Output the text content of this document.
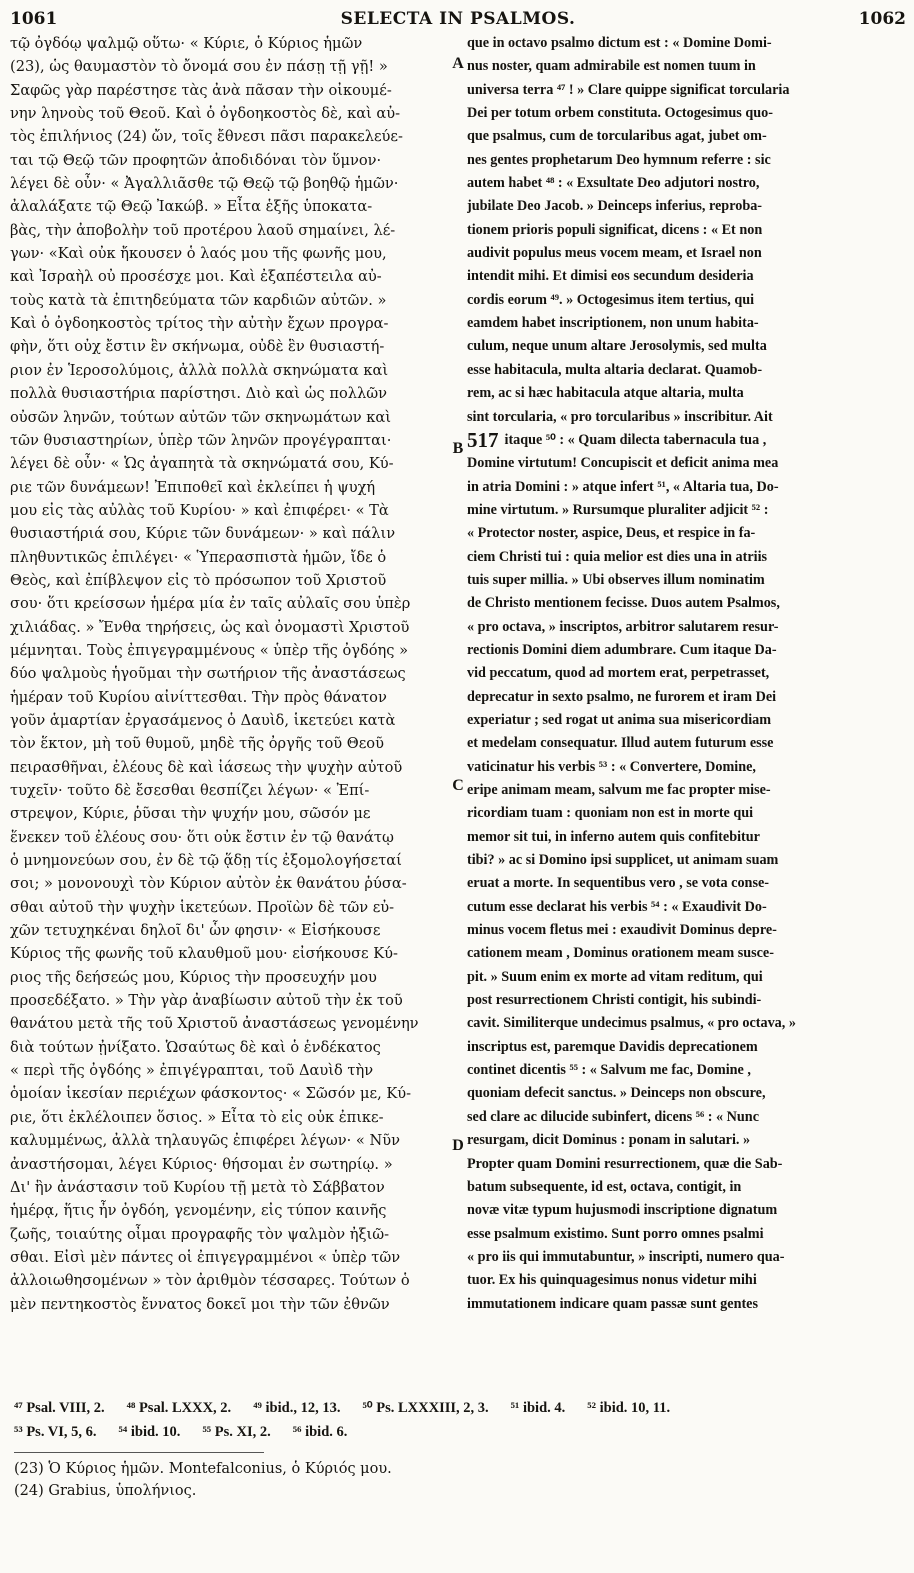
1061	SELECTA IN PSALMOS.	1062
τῷ ὀγδόῳ ψαλμῷ οὕτω· « Κύριε, ὁ Κύριος ἡμῶν
(23), ὡς θαυμαστὸν τὸ ὄνομά σου ἐν πάσῃ τῇ γῇ! »
Σαφῶς γὰρ παρέστησε τὰς ἀνὰ πᾶσαν τὴν οἰκουμέ-
νην ληνοὺς τοῦ Θεοῦ. Καὶ ὁ ὀγδοηκοστὸς δὲ, καὶ αὐ-
τὸς ἐπιλήνιος (24) ὤν, τοῖς ἔθνεσι πᾶσι παρακελεύε-
ται τῷ Θεῷ τῶν προφητῶν ἀποδιδόναι τὸν ὕμνον·
λέγει δὲ οὖν· « Ἀγαλλιᾶσθε τῷ Θεῷ τῷ βοηθῷ ἡμῶν·
ἀλαλάξατε τῷ Θεῷ Ἰακώβ. » Εἶτα ἑξῆς ὑποκατα-
βὰς, τὴν ἀποβολὴν τοῦ προτέρου λαοῦ σημαίνει, λέ-
γων· «Καὶ οὐκ ἤκουσεν ὁ λαός μου τῆς φωνῆς μου,
καὶ Ἰσραὴλ οὐ προσέσχε μοι. Καὶ ἐξαπέστειλα αὐ-
τοὺς κατὰ τὰ ἐπιτηδεύματα τῶν καρδιῶν αὐτῶν. »
Καὶ ὁ ὀγδοηκοστὸς τρίτος τὴν αὐτὴν ἔχων προγρα-
φὴν, ὅτι οὐχ ἔστιν ἓν σκήνωμα, οὐδὲ ἓν θυσιαστή-
ριον ἐν Ἱεροσολύμοις, ἀλλὰ πολλὰ σκηνώματα καὶ
πολλὰ θυσιαστήρια παρίστησι. Διὸ καὶ ὡς πολλῶν
οὐσῶν ληνῶν, τούτων αὐτῶν τῶν σκηνωμάτων καὶ
τῶν θυσιαστηρίων, ὑπὲρ τῶν ληνῶν προγέγραπται·
λέγει δὲ οὖν· « Ὡς ἀγαπητὰ τὰ σκηνώματά σου, Κύ-
ριε τῶν δυνάμεων! Ἐπιποθεῖ καὶ ἐκλείπει ἡ ψυχή
μου εἰς τὰς αὐλὰς τοῦ Κυρίου· » καὶ ἐπιφέρει· « Τὰ
θυσιαστήριά σου, Κύριε τῶν δυνάμεων· » καὶ πάλιν
πληθυντικῶς ἐπιλέγει· « Ὑπερασπιστὰ ἡμῶν, ἴδε ὁ
Θεὸς, καὶ ἐπίβλεψον εἰς τὸ πρόσωπον τοῦ Χριστοῦ
σου· ὅτι κρείσσων ἡμέρα μία ἐν ταῖς αὐλαῖς σου ὑπὲρ
χιλιάδας. » Ἔνθα τηρήσεις, ὡς καὶ ὀνομαστὶ Χριστοῦ
μέμνηται. Τοὺς ἐπιγεγραμμένους « ὑπὲρ τῆς ὀγδόης »
δύο ψαλμοὺς ἡγοῦμαι τὴν σωτήριον τῆς ἀναστάσεως
ἡμέραν τοῦ Κυρίου αἰνίττεσθαι. Τὴν πρὸς θάνατον
γοῦν ἁμαρτίαν ἐργασάμενος ὁ Δαυὶδ, ἱκετεύει κατὰ
τὸν ἕκτον, μὴ τοῦ θυμοῦ, μηδὲ τῆς ὀργῆς τοῦ Θεοῦ
πειρασθῆναι, ἐλέους δὲ καὶ ἰάσεως τὴν ψυχὴν αὐτοῦ
τυχεῖν· τοῦτο δὲ ἔσεσθαι θεσπίζει λέγων· « Ἐπί-
στρεψον, Κύριε, ῥῦσαι τὴν ψυχήν μου, σῶσόν με
ἕνεκεν τοῦ ἐλέους σου· ὅτι οὐκ ἔστιν ἐν τῷ θανάτῳ
ὁ μνημονεύων σου, ἐν δὲ τῷ ᾅδῃ τίς ἐξομολογήσεταί
σοι; » μονονουχὶ τὸν Κύριον αὐτὸν ἐκ θανάτου ῥύσα-
σθαι αὐτοῦ τὴν ψυχὴν ἱκετεύων. Προϊὼν δὲ τῶν εὐ-
χῶν τετυχηκέναι δηλοῖ δι' ὧν φησιν· « Εἰσήκουσε
Κύριος τῆς φωνῆς τοῦ κλαυθμοῦ μου· εἰσήκουσε Κύ-
ριος τῆς δεήσεώς μου, Κύριος τὴν προσευχήν μου
προσεδέξατο. » Τὴν γὰρ ἀναβίωσιν αὐτοῦ τὴν ἐκ τοῦ
θανάτου μετὰ τῆς τοῦ Χριστοῦ ἀναστάσεως γενομένην
διὰ τούτων ᾐνίξατο. Ὡσαύτως δὲ καὶ ὁ ἑνδέκατος
« περὶ τῆς ὀγδόης » ἐπιγέγραπται, τοῦ Δαυὶδ τὴν
ὁμοίαν ἱκεσίαν περιέχων φάσκοντος· « Σῶσόν με, Κύ-
ριε, ὅτι ἐκλέλοιπεν ὅσιος. » Εἶτα τὸ εἰς οὐκ ἐπικε-
καλυμμένως, ἀλλὰ τηλαυγῶς ἐπιφέρει λέγων· « Νῦν
ἀναστήσομαι, λέγει Κύριος· θήσομαι ἐν σωτηρίῳ. »
Δι' ἣν ἀνάστασιν τοῦ Κυρίου τῇ μετὰ τὸ Σάββατον
ἡμέρᾳ, ἥτις ἦν ὀγδόη, γενομένην, εἰς τύπον καινῆς
ζωῆς, τοιαύτης οἶμαι προγραφῆς τὸν ψαλμὸν ἠξιῶ-
σθαι. Εἰσὶ μὲν πάντες οἱ ἐπιγεγραμμένοι « ὑπὲρ τῶν
ἀλλοιωθησομένων » τὸν ἀριθμὸν τέσσαρες. Τούτων ὁ
μὲν πεντηκοστὸς ἔννατος δοκεῖ μοι τὴν τῶν ἐθνῶν
que in octavo psalmo dictum est : « Domine Domi-
nus noster, quam admirabile est nomen tuum in
universa terra ⁴⁷ ! » Clare quippe significat torcularia
Dei per totum orbem constituta. Octogesimus quo-
que psalmus, cum de torcularibus agat, jubet om-
nes gentes prophetarum Deo hymnum referre : sic
autem habet ⁴⁸ : « Exsultate Deo adjutori nostro,
jubilate Deo Jacob. » Deinceps inferius, reproba-
tionem prioris populi significat, dicens : « Et non
audivit populus meus vocem meam, et Israel non
intendit mihi. Et dimisi eos secundum desideria
cordis eorum ⁴⁹. » Octogesimus item tertius, qui
eamdem habet inscriptionem, non unum habita-
culum, neque unum altare Jerosolymis, sed multa
esse habitacula, multa altaria declarat. Quamob-
rem, ac si hæc habitacula atque altaria, multa
sint torcularia, « pro torcularibus » inscribitur. Ait
517 itaque ⁵⁰ : « Quam dilecta tabernacula tua ,
Domine virtutum! Concupiscit et deficit anima mea
in atria Domini : » atque infert ⁵¹, « Altaria tua, Do-
mine virtutum. » Rursumque pluraliter adjicit ⁵² :
« Protector noster, aspice, Deus, et respice in fa-
ciem Christi tui : quia melior est dies una in atriis
tuis super millia. » Ubi observes illum nominatim
de Christo mentionem fecisse. Duos autem Psalmos,
« pro octava, » inscriptos, arbitror salutarem resur-
rectionis Domini diem adumbrare. Cum itaque Da-
vid peccatum, quod ad mortem erat, perpetrasset,
deprecatur in sexto psalmo, ne furorem et iram Dei
experiatur ; sed rogat ut anima sua misericordiam
et medelam consequatur. Illud autem futurum esse
vaticinatur his verbis ⁵³ : « Convertere, Domine,
eripe animam meam, salvum me fac propter mise-
ricordiam tuam : quoniam non est in morte qui
memor sit tui, in inferno autem quis confitebitur
tibi? » ac si Domino ipsi supplicet, ut animam suam
eruat a morte. In sequentibus vero , se vota conse-
cutum esse declarat his verbis ⁵⁴ : « Exaudivit Do-
minus vocem fletus mei : exaudivit Dominus depre-
cationem meam , Dominus orationem meam susce-
pit. » Suum enim ex morte ad vitam reditum, qui
post resurrectionem Christi contigit, his subindi-
cavit. Similiterque undecimus psalmus, « pro octava, »
inscriptus est, paremque Davidis deprecationem
continet dicentis ⁵⁵ : « Salvum me fac, Domine ,
quoniam defecit sanctus. » Deinceps non obscure,
sed clare ac dilucide subinfert, dicens ⁵⁶ : « Nunc
resurgam, dicit Dominus : ponam in salutari. »
Propter quam Domini resurrectionem, quæ die Sab-
batum subsequente, id est, octava, contigit, in
novæ vitæ typum hujusmodi inscriptione dignatum
esse psalmum existimo. Sunt porro omnes psalmi
« pro iis qui immutabuntur, » inscripti, numero qua-
tuor. Ex his quinquagesimus nonus videtur mihi
immutationem indicare quam passæ sunt gentes
A
B
C
D
⁴⁷ Psal. VIII, 2. ⁴⁸ Psal. LXXX, 2. ⁴⁹ ibid., 12, 13. ⁵⁰ Ps. LXXXIII, 2, 3. ⁵¹ ibid. 4. ⁵² ibid. 10, 11.
⁵³ Ps. VI, 5, 6. ⁵⁴ ibid. 10. ⁵⁵ Ps. XI, 2. ⁵⁶ ibid. 6.
(23) Ὁ Κύριος ἡμῶν. Montefalconius, ὁ Κύριός μου.
(24) Grabius, ὑπολήνιος.
